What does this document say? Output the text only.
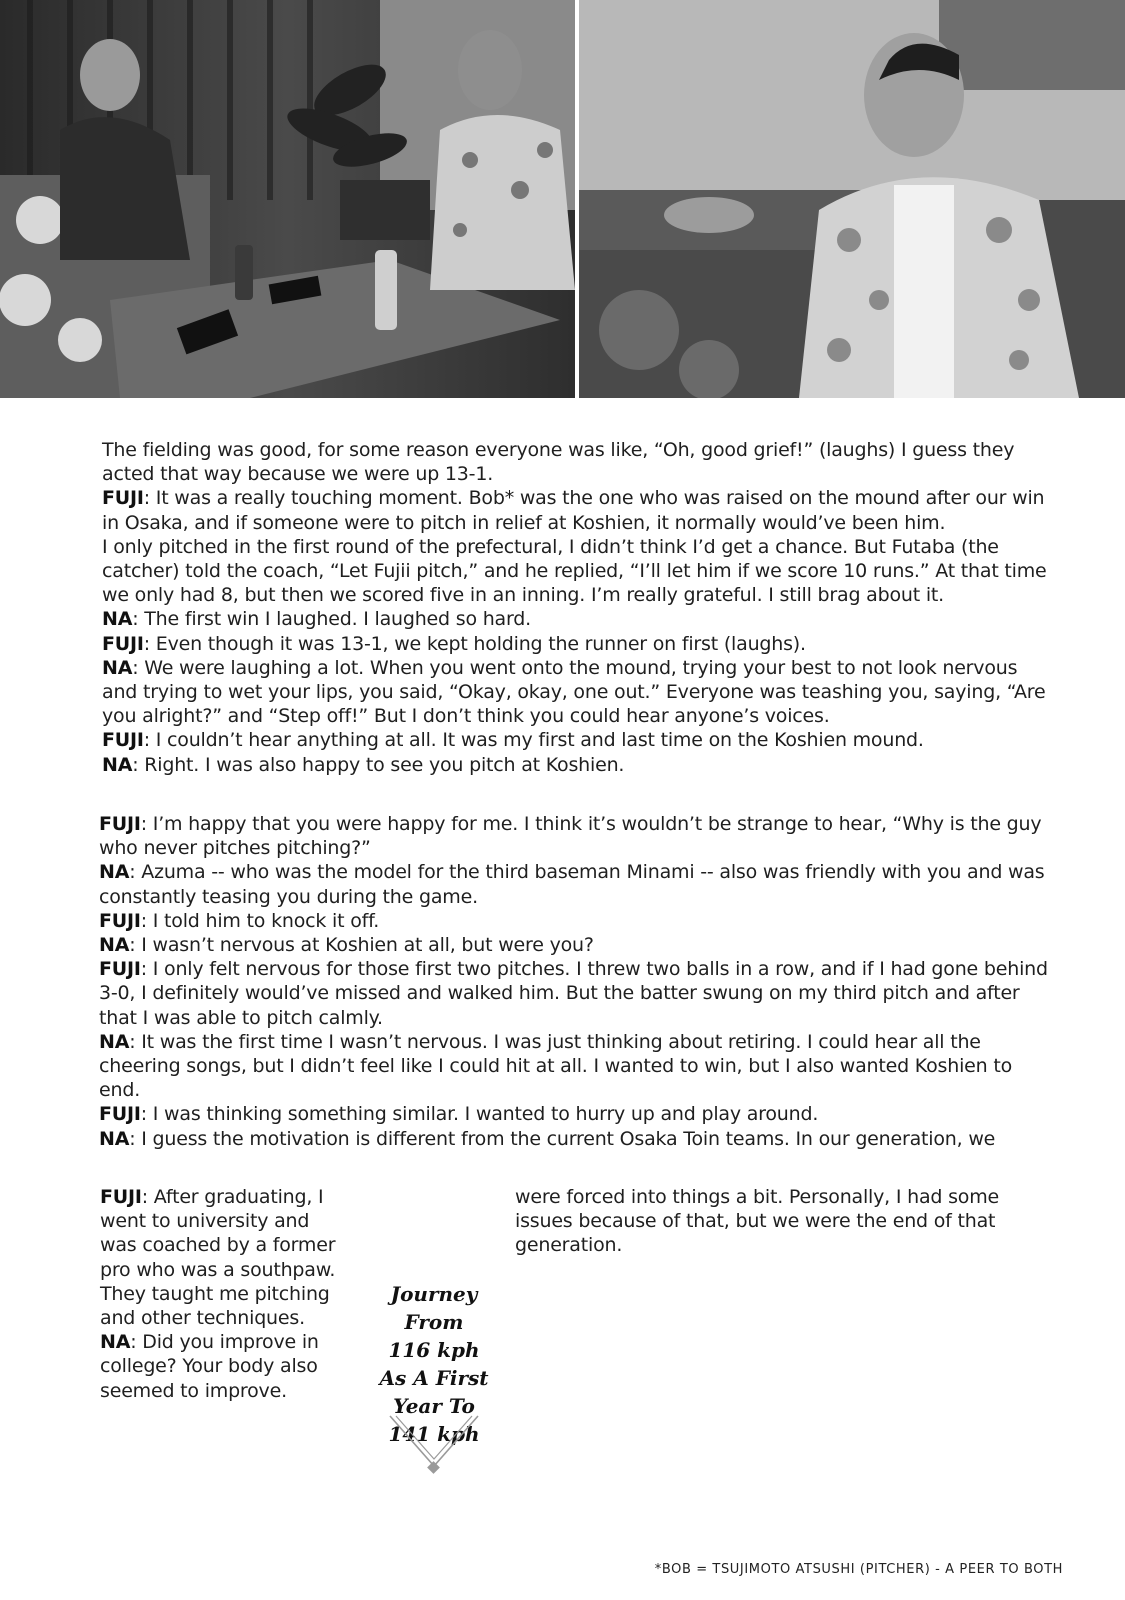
The fielding was good, for some reason everyone was like, “Oh, good grief!” (laughs) I guess they acted that way because we were up 13-1.

FUJI: It was a really touching moment. Bob* was the one who was raised on the mound after our win in Osaka, and if someone were to pitch in relief at Koshien, it normally would’ve been him.

I only pitched in the first round of the prefectural, I didn’t think I’d get a chance. But Futaba (the catcher) told the coach, “Let Fujii pitch,” and he replied, “I’ll let him if we score 10 runs.” At that time we only had 8, but then we scored five in an inning. I’m really grateful. I still brag about it.

NA: The first win I laughed. I laughed so hard.

FUJI: Even though it was 13-1, we kept holding the runner on first (laughs).

NA: We were laughing a lot. When you went onto the mound, trying your best to not look nervous and trying to wet your lips, you said, “Okay, okay, one out.” Everyone was teashing you, saying, “Are you alright?” and “Step off!” But I don’t think you could hear anyone’s voices.

FUJI: I couldn’t hear anything at all. It was my first and last time on the Koshien mound.

NA: Right. I was also happy to see you pitch at Koshien.

FUJI: I’m happy that you were happy for me. I think it’s wouldn’t be strange to hear, “Why is the guy who never pitches pitching?”

NA: Azuma -- who was the model for the third baseman Minami -- also was friendly with you and was constantly teasing you during the game.

FUJI: I told him to knock it off.

NA: I wasn’t nervous at Koshien at all, but were you?

FUJI: I only felt nervous for those first two pitches. I threw two balls in a row, and if I had gone behind 3-0, I definitely would’ve missed and walked him. But the batter swung on my third pitch and after that I was able to pitch calmly.

NA: It was the first time I wasn’t nervous. I was just thinking about retiring. I could hear all the cheering songs, but I didn’t feel like I could hit at all. I wanted to win, but I also wanted Koshien to end.

FUJI: I was thinking something similar. I wanted to hurry up and play around.

NA: I guess the motivation is different from the current Osaka Toin teams. In our generation, we

FUJI: After graduating, I went to university and was coached by a former pro who was a southpaw. They taught me pitching and other techniques.

NA: Did you improve in college? Your body also seemed to improve.

were forced into things a bit. Personally, I had some issues because of that, but we were the end of that generation.

Journey
From
116 kph
As A First
Year To
141 kph
*BOB = TSUJIMOTO ATSUSHI (PITCHER) - A PEER TO BOTH
